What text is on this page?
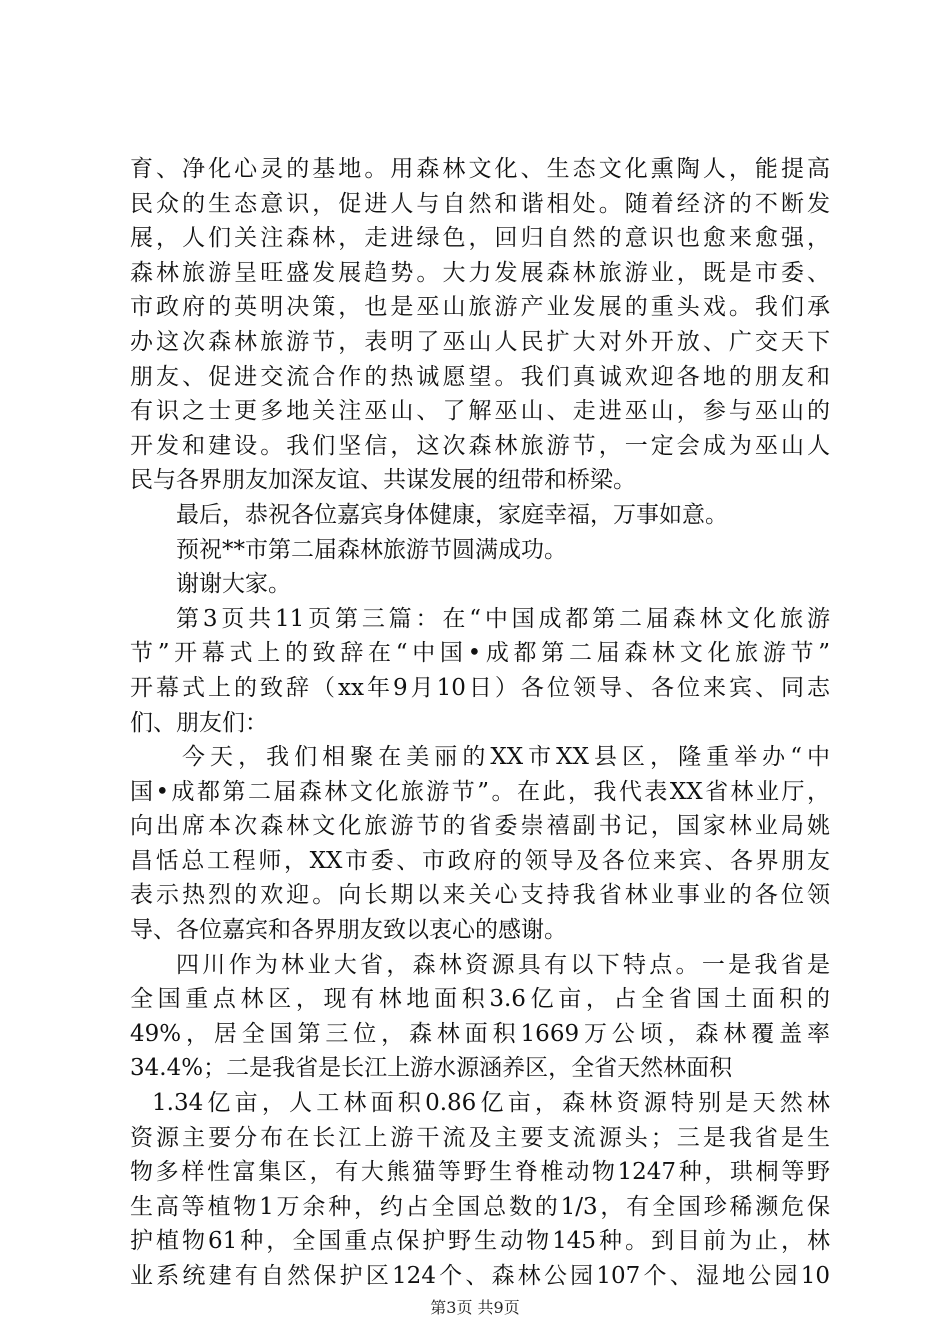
育、净化心灵的基地。用森林文化、生态文化熏陶人，能提高
民众的生态意识，促进人与自然和谐相处。随着经济的不断发
展，人们关注森林，走进绿色，回归自然的意识也愈来愈强，
森林旅游呈旺盛发展趋势。大力发展森林旅游业，既是市委、
市政府的英明决策，也是巫山旅游产业发展的重头戏。我们承
办这次森林旅游节，表明了巫山人民扩大对外开放、广交天下
朋友、促进交流合作的热诚愿望。我们真诚欢迎各地的朋友和
有识之士更多地关注巫山、了解巫山、走进巫山，参与巫山的
开发和建设。我们坚信，这次森林旅游节，一定会成为巫山人
民与各界朋友加深友谊、共谋发展的纽带和桥梁。
最后，恭祝各位嘉宾身体健康，家庭幸福，万事如意。
预祝**市第二届森林旅游节圆满成功。
谢谢大家。
第3页共11页第三篇：在“中国成都第二届森林文化旅游
节”开幕式上的致辞在“中国•成都第二届森林文化旅游节”
开幕式上的致辞（xx年9月10日）各位领导、各位来宾、同志
们、朋友们：
今天，我们相聚在美丽的XX市XX县区，隆重举办“中
国•成都第二届森林文化旅游节”。在此，我代表XX省林业厅，
向出席本次森林文化旅游节的省委崇禧副书记，国家林业局姚
昌恬总工程师，XX市委、市政府的领导及各位来宾、各界朋友
表示热烈的欢迎。向长期以来关心支持我省林业事业的各位领
导、各位嘉宾和各界朋友致以衷心的感谢。
四川作为林业大省，森林资源具有以下特点。一是我省是
全国重点林区，现有林地面积3.6亿亩，占全省国土面积的
49%，居全国第三位，森林面积1669万公顷，森林覆盖率
34.4%；二是我省是长江上游水源涵养区，全省天然林面积
1.34亿亩，人工林面积0.86亿亩，森林资源特别是天然林
资源主要分布在长江上游干流及主要支流源头；三是我省是生
物多样性富集区，有大熊猫等野生脊椎动物1247种，珙桐等野
生高等植物1万余种，约占全国总数的1/3，有全国珍稀濒危保
护植物61种，全国重点保护野生动物145种。到目前为止，林
业系统建有自然保护区124个、森林公园107个、湿地公园10
第3页 共9页
